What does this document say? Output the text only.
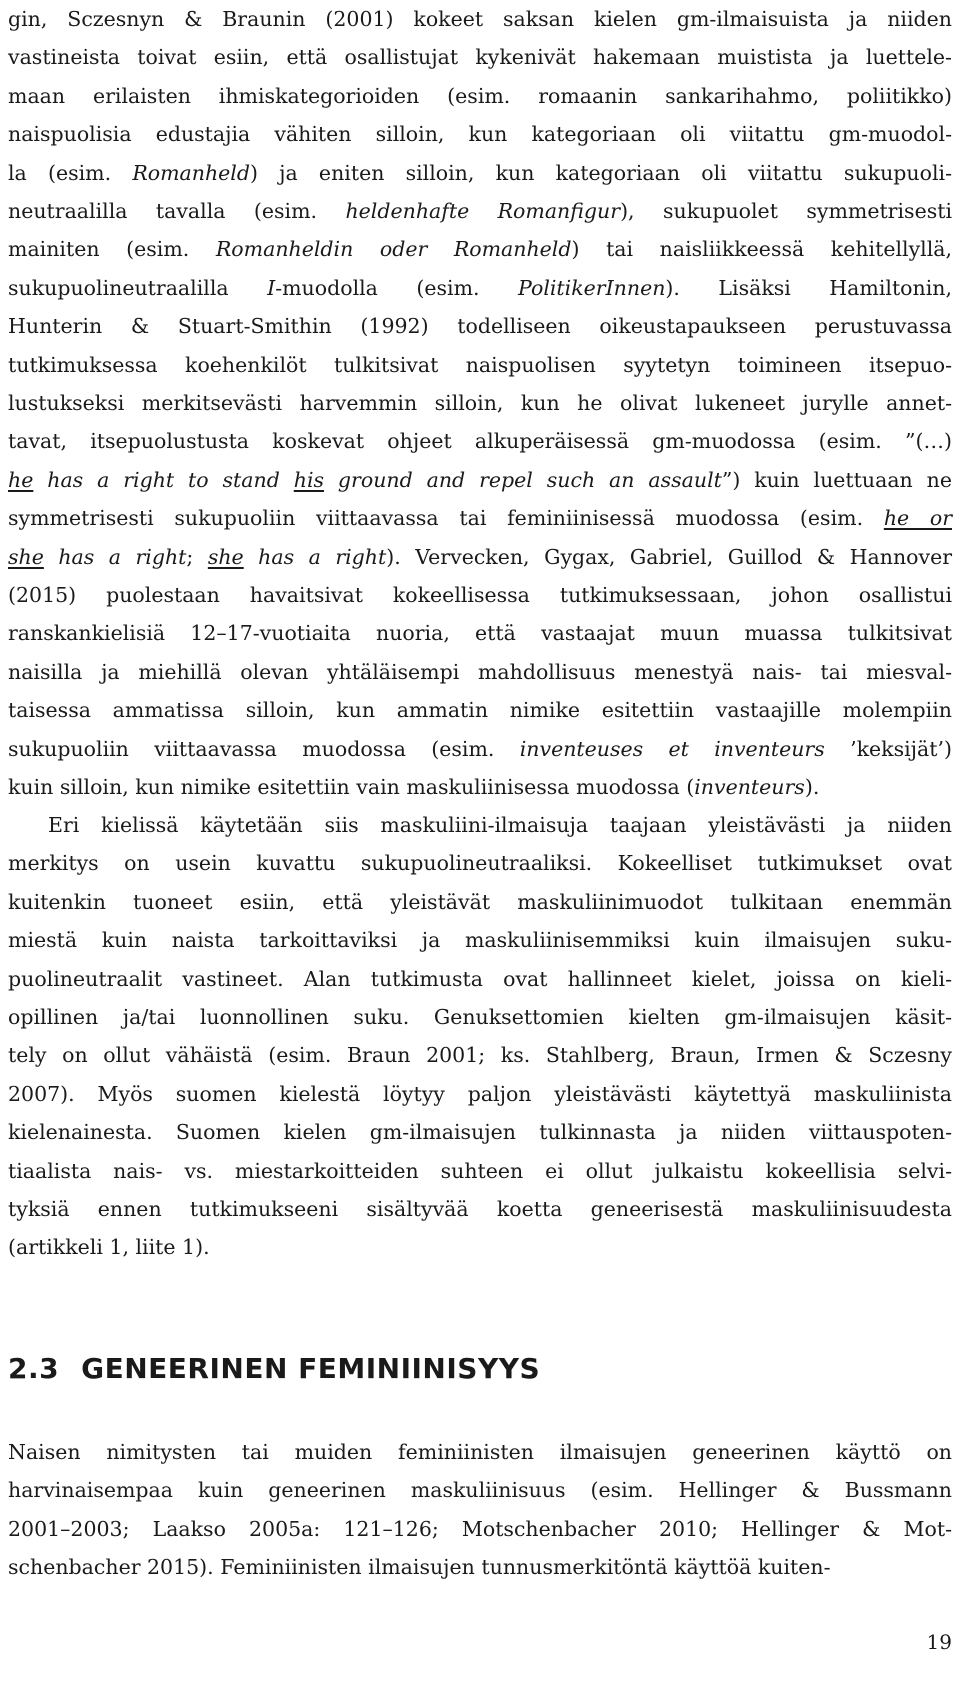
gin, Sczesnyn & Braunin (2001) kokeet saksan kielen gm-ilmaisuista ja niiden
vastineista toivat esiin, että osallistujat kykenivät hakemaan muistista ja luettele-
maan erilaisten ihmiskategorioiden (esim. romaanin sankarihahmo, poliitikko)
naispuolisia edustajia vähiten silloin, kun kategoriaan oli viitattu gm-muodol-
la (esim. Romanheld) ja eniten silloin, kun kategoriaan oli viitattu sukupuoli-
neutraalilla tavalla (esim. heldenhafte Romanfigur), sukupuolet symmetrisesti
mainiten (esim. Romanheldin oder Romanheld) tai naisliikkeessä kehitellyllä,
sukupuolineutraalilla I-muodolla (esim. PolitikerInnen). Lisäksi Hamiltonin,
Hunterin & Stuart-Smithin (1992) todelliseen oikeustapaukseen perustuvassa
tutkimuksessa koehenkilöt tulkitsivat naispuolisen syytetyn toimineen itsepuo-
lustukseksi merkitsevästi harvemmin silloin, kun he olivat lukeneet jurylle annet-
tavat, itsepuolustusta koskevat ohjeet alkuperäisessä gm-muodossa (esim. ”(…)
he has a right to stand his ground and repel such an assault”) kuin luettuaan ne
symmetrisesti sukupuoliin viittaavassa tai feminiinisessä muodossa (esim. he or
she has a right; she has a right). Vervecken, Gygax, Gabriel, Guillod & Hannover
(2015) puolestaan havaitsivat kokeellisessa tutkimuksessaan, johon osallistui
ranskankielisiä 12–17-vuotiaita nuoria, että vastaajat muun muassa tulkitsivat
naisilla ja miehillä olevan yhtäläisempi mahdollisuus menestyä nais- tai miesval-
taisessa ammatissa silloin, kun ammatin nimike esitettiin vastaajille molempiin
sukupuoliin viittaavassa muodossa (esim. inventeuses et inventeurs ’keksijät’)
kuin silloin, kun nimike esitettiin vain maskuliinisessa muodossa (inventeurs).
Eri kielissä käytetään siis maskuliini-ilmaisuja taajaan yleistävästi ja niiden
merkitys on usein kuvattu sukupuolineutraaliksi. Kokeelliset tutkimukset ovat
kuitenkin tuoneet esiin, että yleistävät maskuliinimuodot tulkitaan enemmän
miestä kuin naista tarkoittaviksi ja maskuliinisemmiksi kuin ilmaisujen suku-
puolineutraalit vastineet. Alan tutkimusta ovat hallinneet kielet, joissa on kieli-
opillinen ja/tai luonnollinen suku. Genuksettomien kielten gm-ilmaisujen käsit-
tely on ollut vähäistä (esim. Braun 2001; ks. Stahlberg, Braun, Irmen & Sczesny
2007). Myös suomen kielestä löytyy paljon yleistävästi käytettyä maskuliinista
kielenainesta. Suomen kielen gm-ilmaisujen tulkinnasta ja niiden viittauspoten-
tiaalista nais- vs. miestarkoitteiden suhteen ei ollut julkaistu kokeellisia selvi-
tyksiä ennen tutkimukseeni sisältyvää koetta geneerisestä maskuliinisuudesta
(artikkeli 1, liite 1).
2.3 GENEERINEN FEMINIINISYYS
Naisen nimitysten tai muiden feminiinisten ilmaisujen geneerinen käyttö on
harvinaisempaa kuin geneerinen maskuliinisuus (esim. Hellinger & Bussmann
2001–2003; Laakso 2005a: 121–126; Motschenbacher 2010; Hellinger & Mot-
schenbacher 2015). Feminiinisten ilmaisujen tunnusmerkitöntä käyttöä kuiten-
19
